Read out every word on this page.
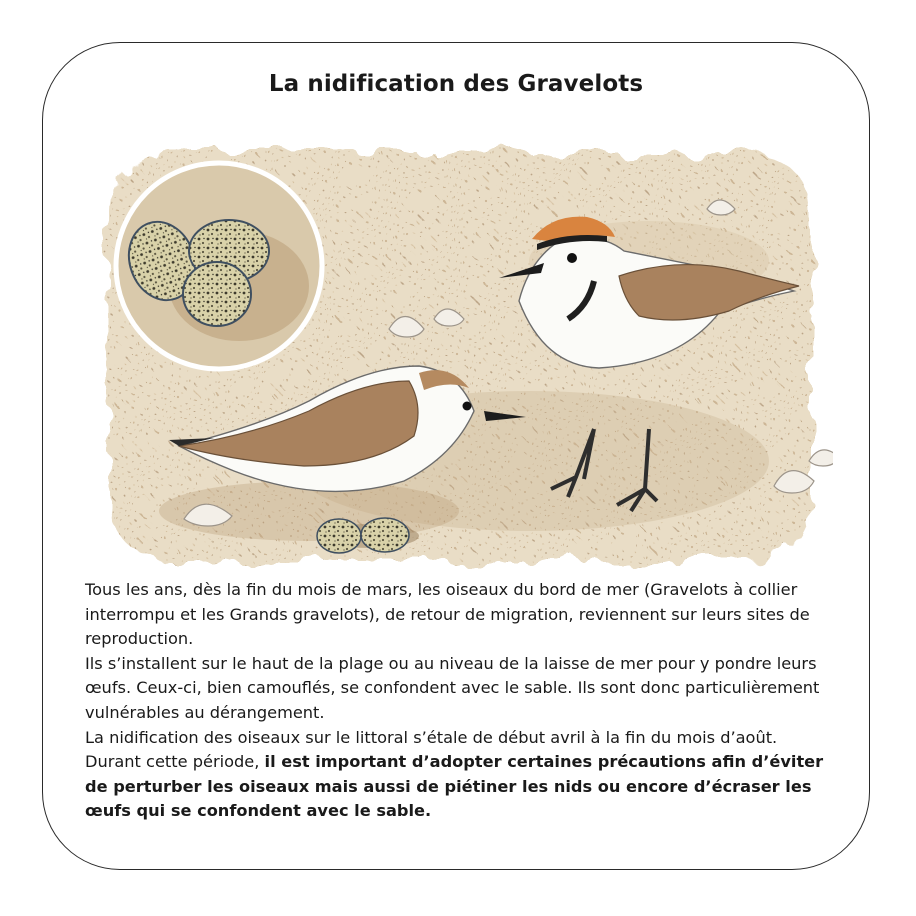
La nidification des Gravelots

Tous les ans, dès la fin du mois de mars, les oiseaux du bord de mer (Gravelots à collier interrompu et les Grands gravelots), de retour de migration, reviennent sur leurs sites de reproduction.

Ils s’installent sur le haut de la plage ou au niveau de la laisse de mer pour y pondre leurs œufs. Ceux-ci, bien camouflés, se confondent avec le sable. Ils sont donc particulièrement vulnérables au dérangement.

La nidification des oiseaux sur le littoral s’étale de début avril à la fin du mois d’août.

Durant cette période, il est important d’adopter certaines précautions afin d’éviter de perturber les oiseaux mais aussi de piétiner les nids ou encore d’écraser les œufs qui se confondent avec le sable.
